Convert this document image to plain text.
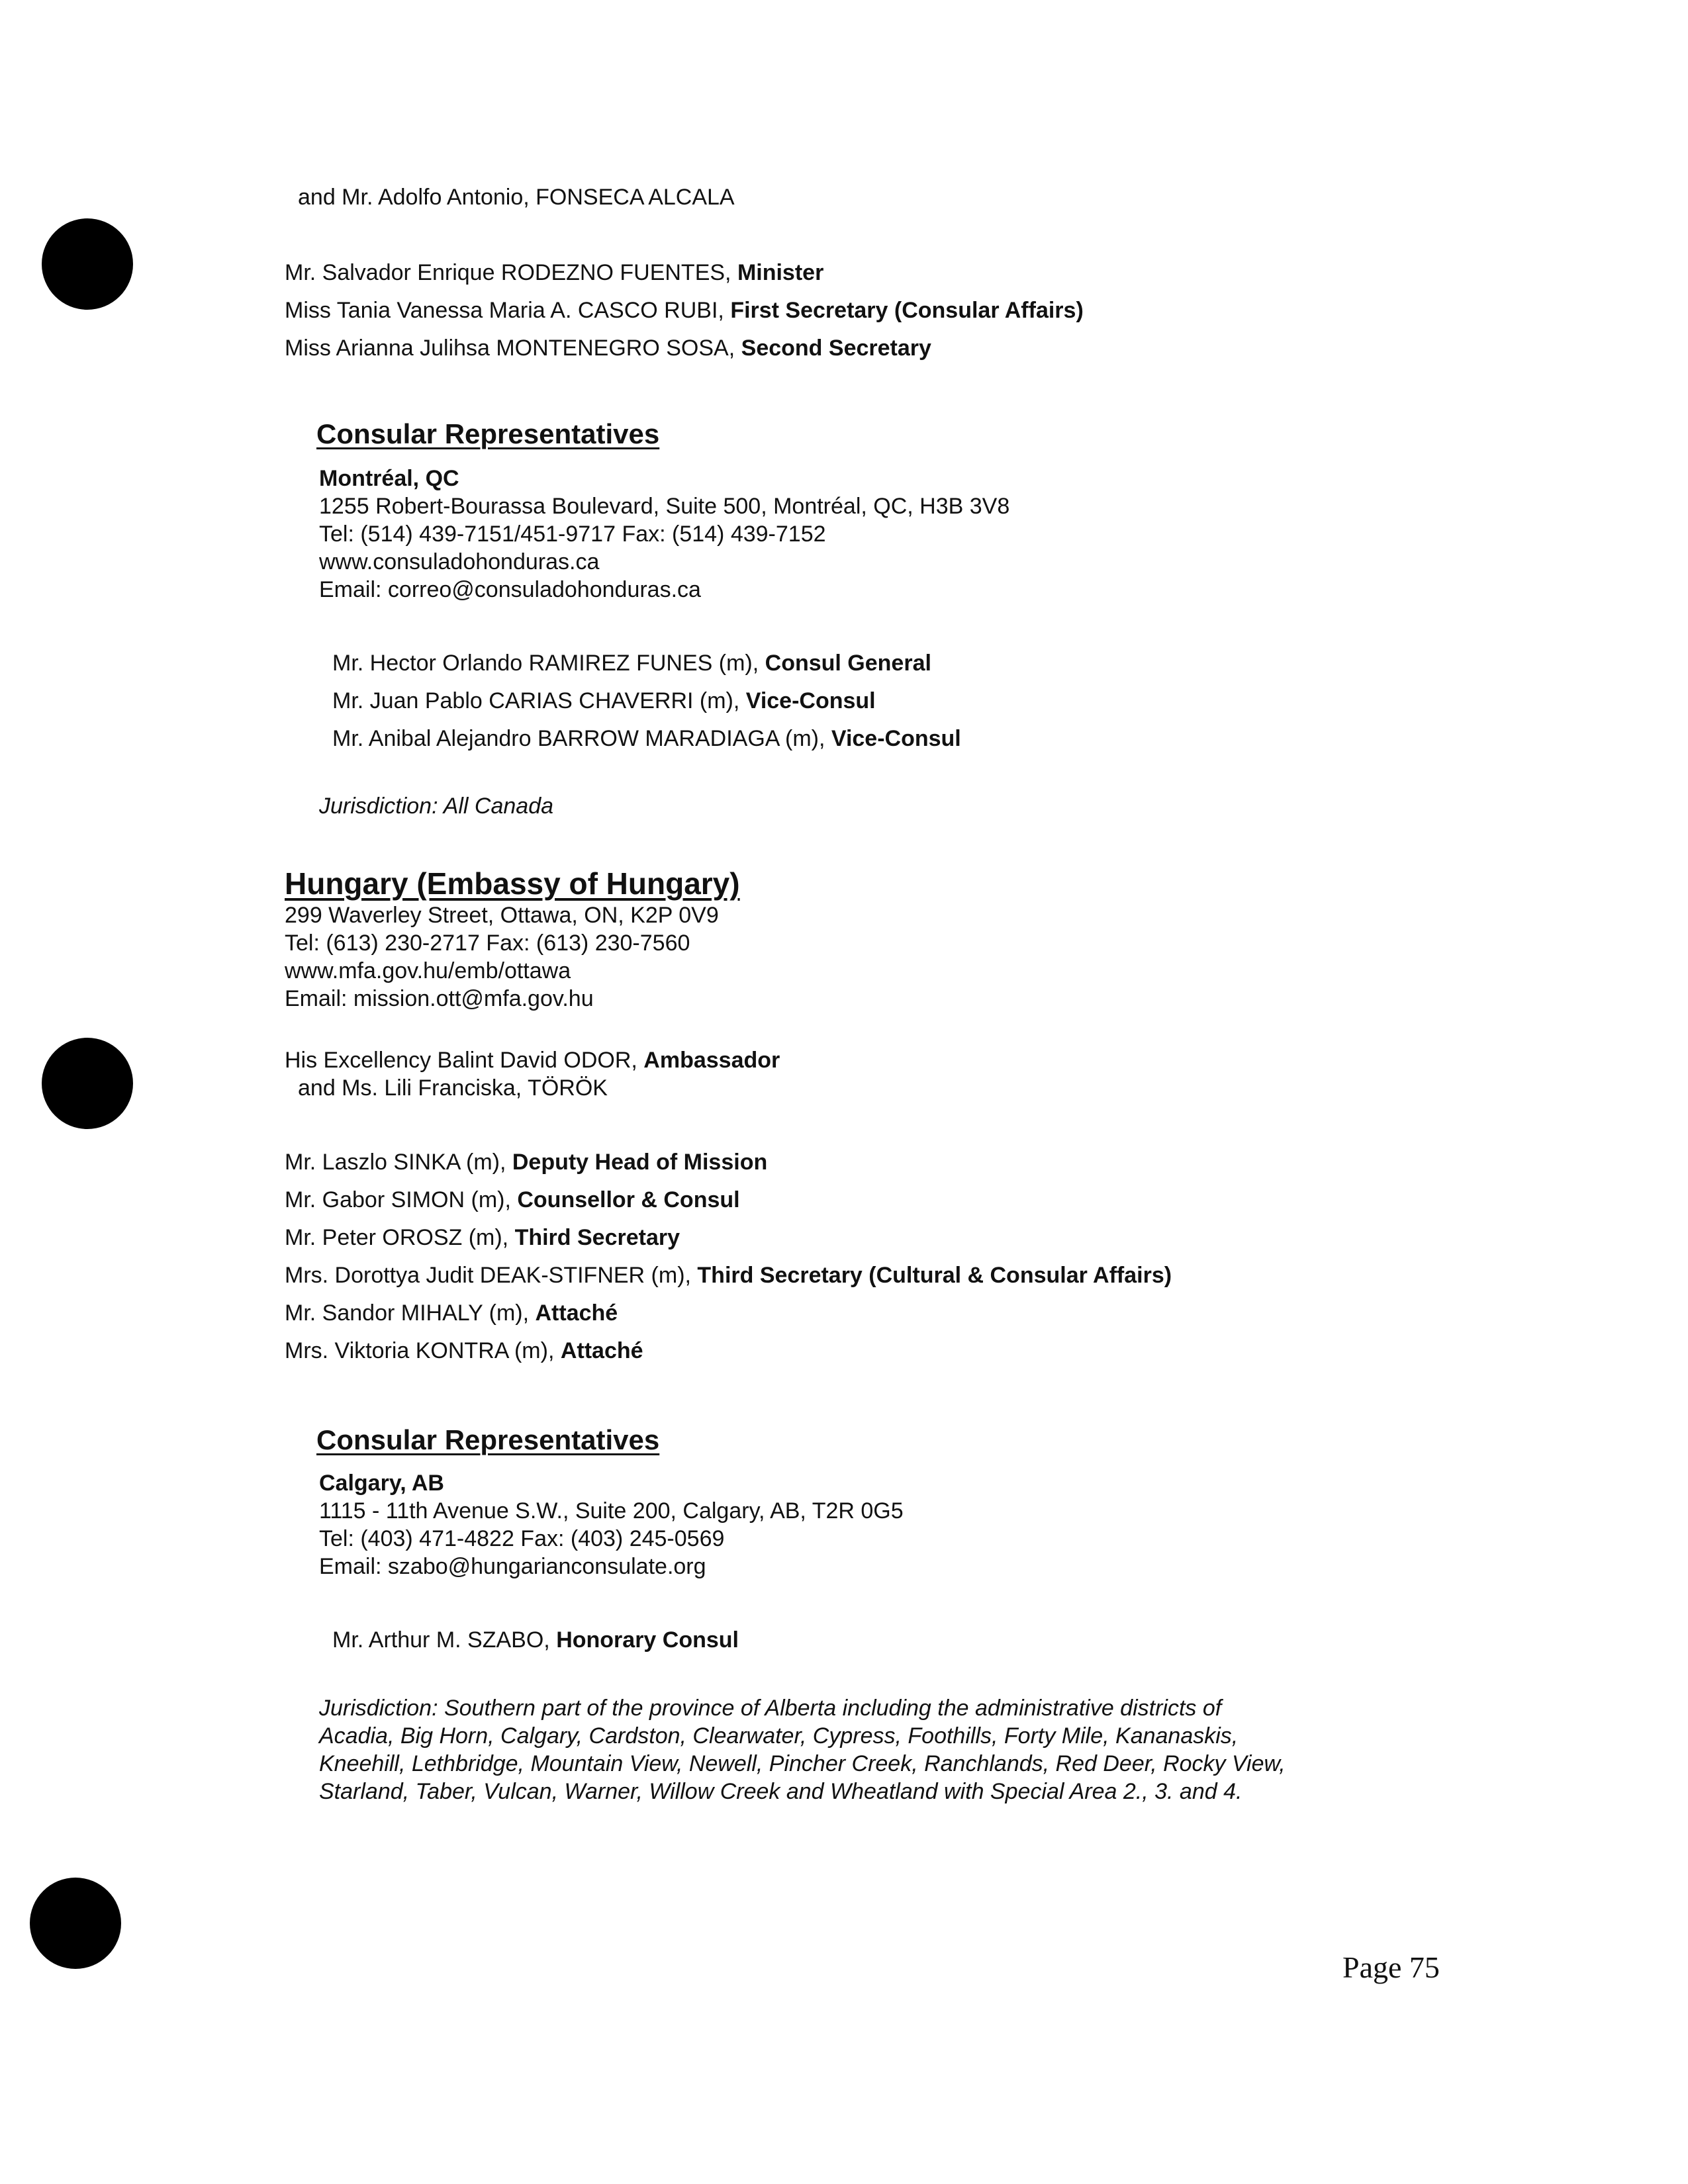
and Mr. Adolfo Antonio, FONSECA ALCALA
Mr. Salvador Enrique RODEZNO FUENTES, Minister
Miss Tania Vanessa Maria A. CASCO RUBI, First Secretary (Consular Affairs)
Miss Arianna Julihsa MONTENEGRO SOSA, Second Secretary
Consular Representatives
Montréal, QC
1255 Robert-Bourassa Boulevard, Suite 500, Montréal, QC, H3B 3V8
Tel: (514) 439-7151/451-9717 Fax: (514) 439-7152
www.consuladohonduras.ca
Email: correo@consuladohonduras.ca
Mr. Hector Orlando RAMIREZ FUNES (m), Consul General
Mr. Juan Pablo CARIAS CHAVERRI (m), Vice-Consul
Mr. Anibal Alejandro BARROW MARADIAGA (m), Vice-Consul
Jurisdiction: All Canada
Hungary (Embassy of Hungary)
299 Waverley Street, Ottawa, ON, K2P 0V9
Tel: (613) 230-2717 Fax: (613) 230-7560
www.mfa.gov.hu/emb/ottawa
Email: mission.ott@mfa.gov.hu
His Excellency Balint David ODOR, Ambassador
and Ms. Lili Franciska, TÖRÖK
Mr. Laszlo SINKA (m), Deputy Head of Mission
Mr. Gabor SIMON (m), Counsellor & Consul
Mr. Peter OROSZ (m), Third Secretary
Mrs. Dorottya Judit DEAK-STIFNER (m), Third Secretary (Cultural & Consular Affairs)
Mr. Sandor MIHALY (m), Attaché
Mrs. Viktoria KONTRA (m), Attaché
Consular Representatives
Calgary, AB
1115 - 11th Avenue S.W., Suite 200, Calgary, AB, T2R 0G5
Tel: (403) 471-4822 Fax: (403) 245-0569
Email: szabo@hungarianconsulate.org
Mr. Arthur M. SZABO, Honorary Consul
Jurisdiction: Southern part of the province of Alberta including the administrative districts of
Acadia, Big Horn, Calgary, Cardston, Clearwater, Cypress, Foothills, Forty Mile, Kananaskis,
Kneehill, Lethbridge, Mountain View, Newell, Pincher Creek, Ranchlands, Red Deer, Rocky View,
Starland, Taber, Vulcan, Warner, Willow Creek and Wheatland with Special Area 2., 3. and 4.
Page 75
